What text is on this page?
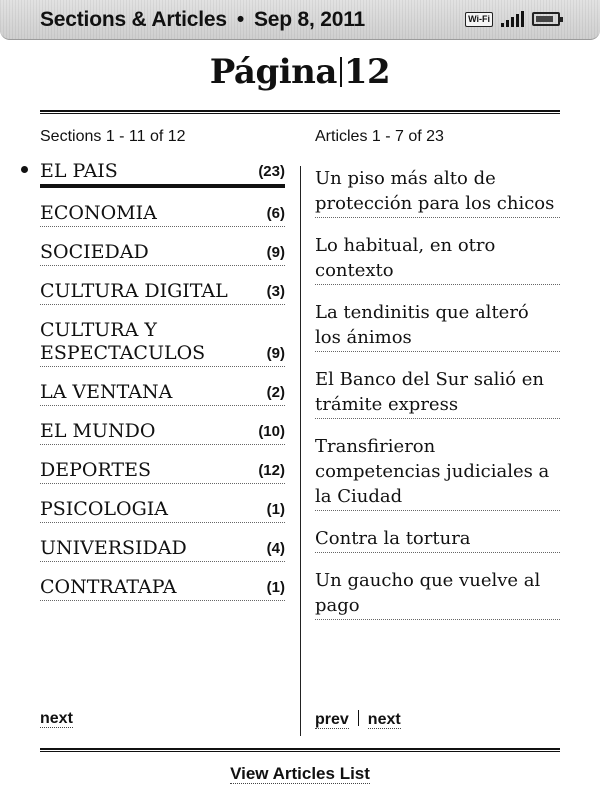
Sections & Articles • Sep 8, 2011	Wi-Fi
Página 12
Sections 1 - 11 of 12	Articles 1 - 7 of 23
EL PAIS	(23)
ECONOMIA	(6)
SOCIEDAD	(9)
CULTURA DIGITAL	(3)
CULTURA Y ESPECTACULOS	(9)
LA VENTANA	(2)
EL MUNDO	(10)
DEPORTES	(12)
PSICOLOGIA	(1)
UNIVERSIDAD	(4)
CONTRATAPA	(1)
Un piso más alto de protección para los chicos
Lo habitual, en otro contexto
La tendinitis que alteró los ánimos
El Banco del Sur salió en trámite express
Transfirieron competencias judiciales a la Ciudad
Contra la tortura
Un gaucho que vuelve al pago
next	prev next
View Articles List
